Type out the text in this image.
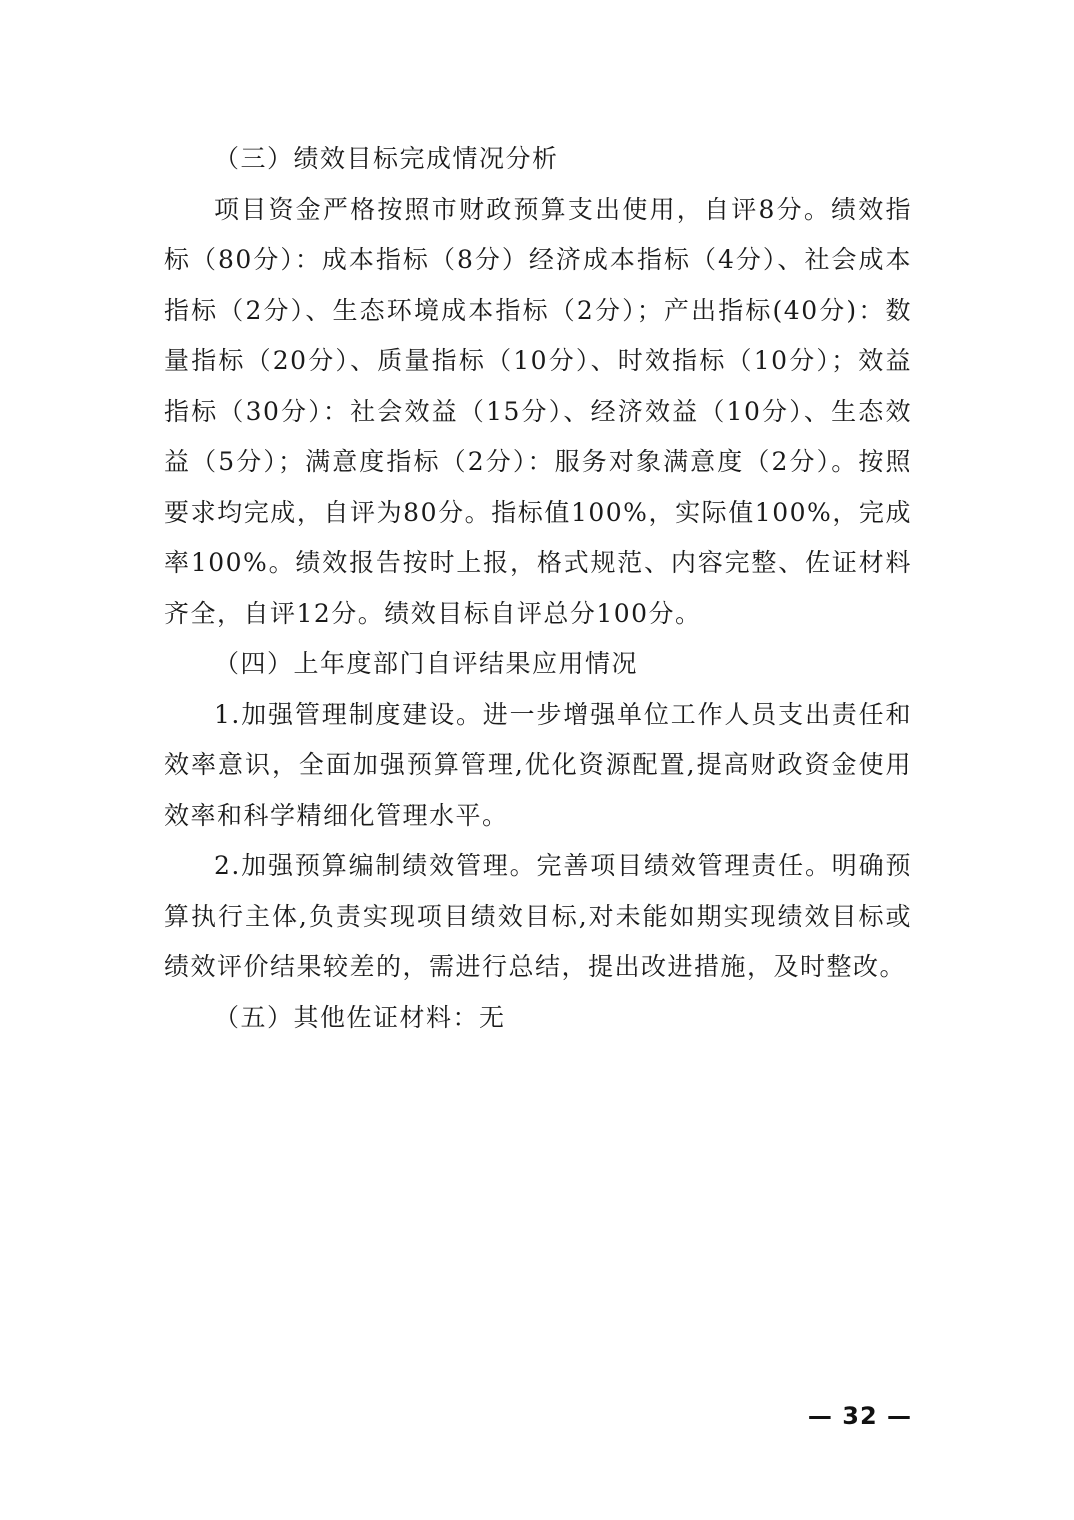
（三）绩效目标完成情况分析

项目资金严格按照市财政预算支出使用，自评8分。绩效指标（80分）：成本指标（8分）经济成本指标（4分）、社会成本指标（2分）、生态环境成本指标（2分）；产出指标(40分)：数量指标（20分）、质量指标（10分）、时效指标（10分）；效益指标（30分）：社会效益（15分）、经济效益（10分）、生态效益（5分）；满意度指标（2分）：服务对象满意度（2分）。按照要求均完成，自评为80分。指标值100%，实际值100%，完成率100%。绩效报告按时上报，格式规范、内容完整、佐证材料齐全，自评12分。绩效目标自评总分100分。

（四）上年度部门自评结果应用情况

1.加强管理制度建设。进一步增强单位工作人员支出责任和效率意识，全面加强预算管理,优化资源配置,提高财政资金使用效率和科学精细化管理水平。

2.加强预算编制绩效管理。完善项目绩效管理责任。明确预算执行主体,负责实现项目绩效目标,对未能如期实现绩效目标或绩效评价结果较差的，需进行总结，提出改进措施，及时整改。

（五）其他佐证材料：无

— 32 —
